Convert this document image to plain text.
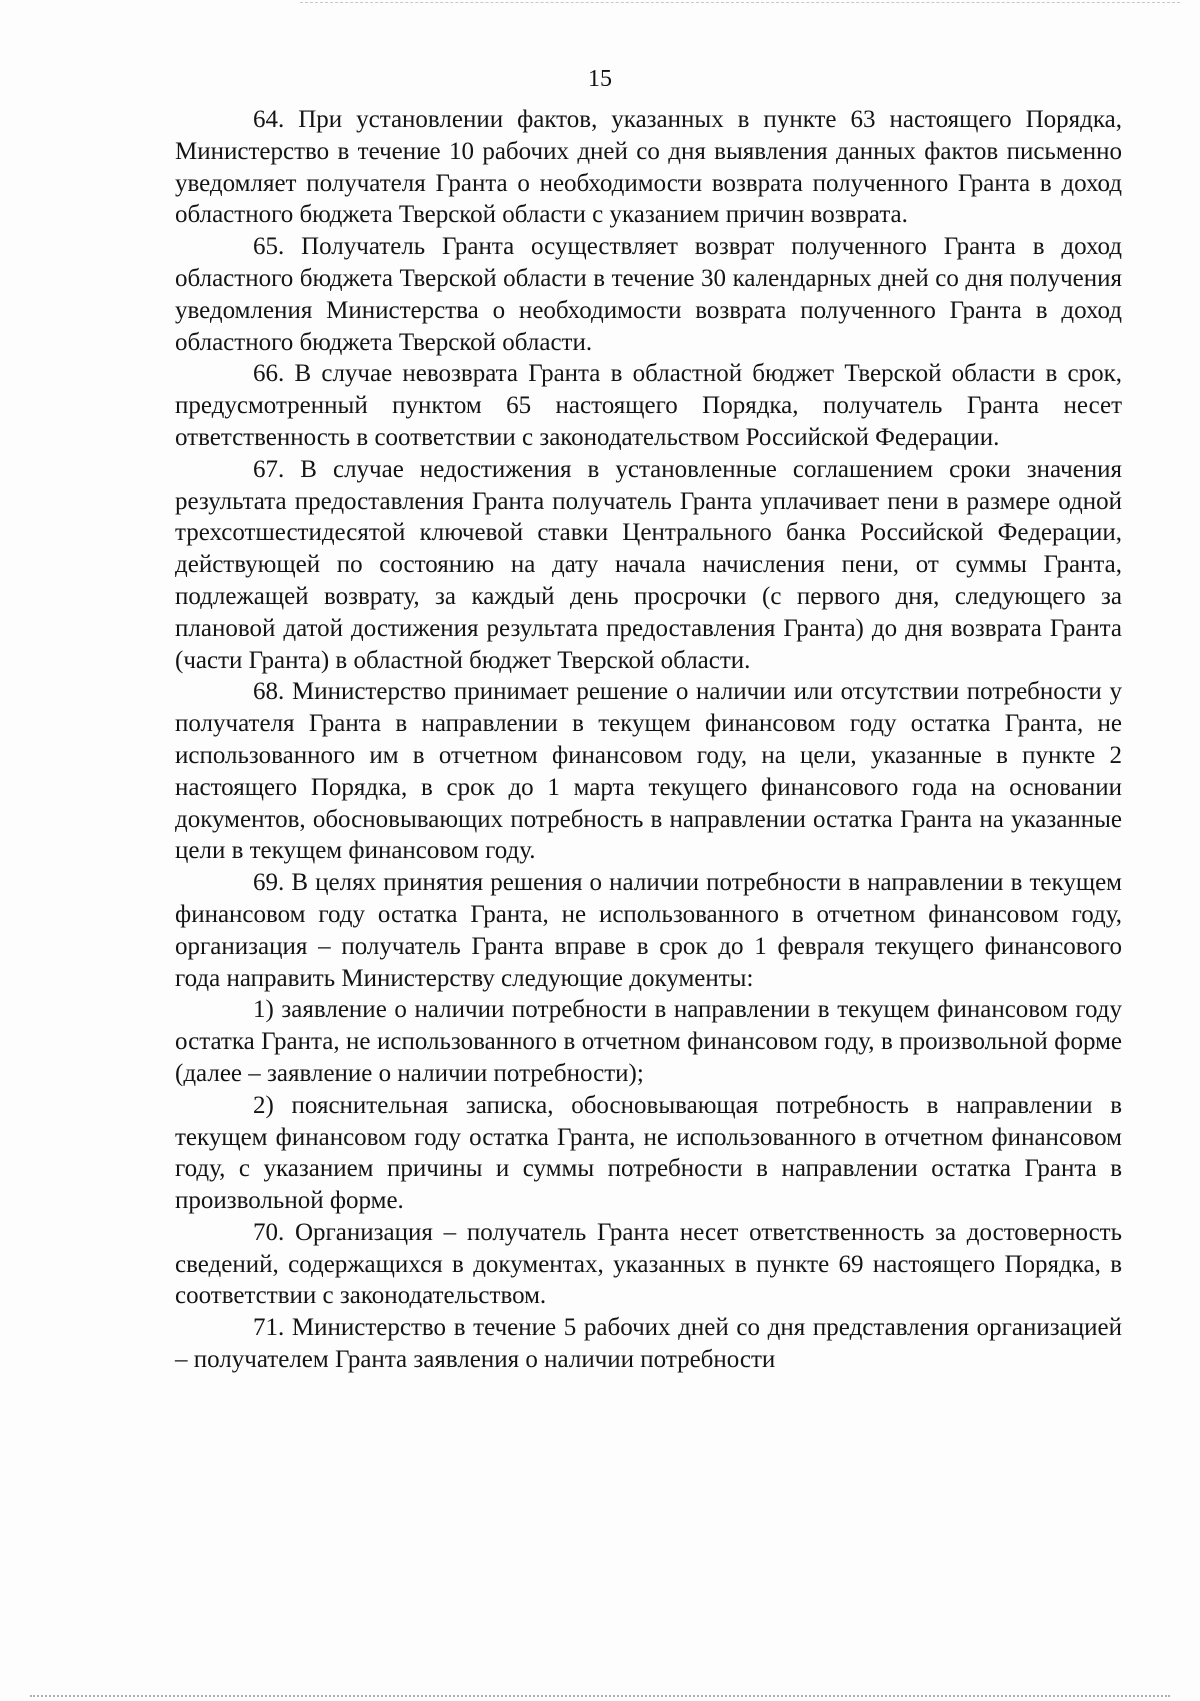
15

64. При установлении фактов, указанных в пункте 63 настоящего Порядка, Министерство в течение 10 рабочих дней со дня выявления данных фактов письменно уведомляет получателя Гранта о необходимости возврата полученного Гранта в доход областного бюджета Тверской области с указанием причин возврата.

65. Получатель Гранта осуществляет возврат полученного Гранта в доход областного бюджета Тверской области в течение 30 календарных дней со дня получения уведомления Министерства о необходимости возврата полученного Гранта в доход областного бюджета Тверской области.

66. В случае невозврата Гранта в областной бюджет Тверской области в срок, предусмотренный пунктом 65 настоящего Порядка, получатель Гранта несет ответственность в соответствии с законодательством Российской Федерации.

67. В случае недостижения в установленные соглашением сроки значения результата предоставления Гранта получатель Гранта уплачивает пени в размере одной трехсотшестидесятой ключевой ставки Центрального банка Российской Федерации, действующей по состоянию на дату начала начисления пени, от суммы Гранта, подлежащей возврату, за каждый день просрочки (с первого дня, следующего за плановой датой достижения результата предоставления Гранта) до дня возврата Гранта (части Гранта) в областной бюджет Тверской области.

68. Министерство принимает решение о наличии или отсутствии потребности у получателя Гранта в направлении в текущем финансовом году остатка Гранта, не использованного им в отчетном финансовом году, на цели, указанные в пункте 2 настоящего Порядка, в срок до 1 марта текущего финансового года на основании документов, обосновывающих потребность в направлении остатка Гранта на указанные цели в текущем финансовом году.

69. В целях принятия решения о наличии потребности в направлении в текущем финансовом году остатка Гранта, не использованного в отчетном финансовом году, организация – получатель Гранта вправе в срок до 1 февраля текущего финансового года направить Министерству следующие документы:

1) заявление о наличии потребности в направлении в текущем финансовом году остатка Гранта, не использованного в отчетном финансовом году, в произвольной форме (далее – заявление о наличии потребности);

2) пояснительная записка, обосновывающая потребность в направлении в текущем финансовом году остатка Гранта, не использованного в отчетном финансовом году, с указанием причины и суммы потребности в направлении остатка Гранта в произвольной форме.

70. Организация – получатель Гранта несет ответственность за достоверность сведений, содержащихся в документах, указанных в пункте 69 настоящего Порядка, в соответствии с законодательством.

71. Министерство в течение 5 рабочих дней со дня представления организацией – получателем Гранта заявления о наличии потребности
